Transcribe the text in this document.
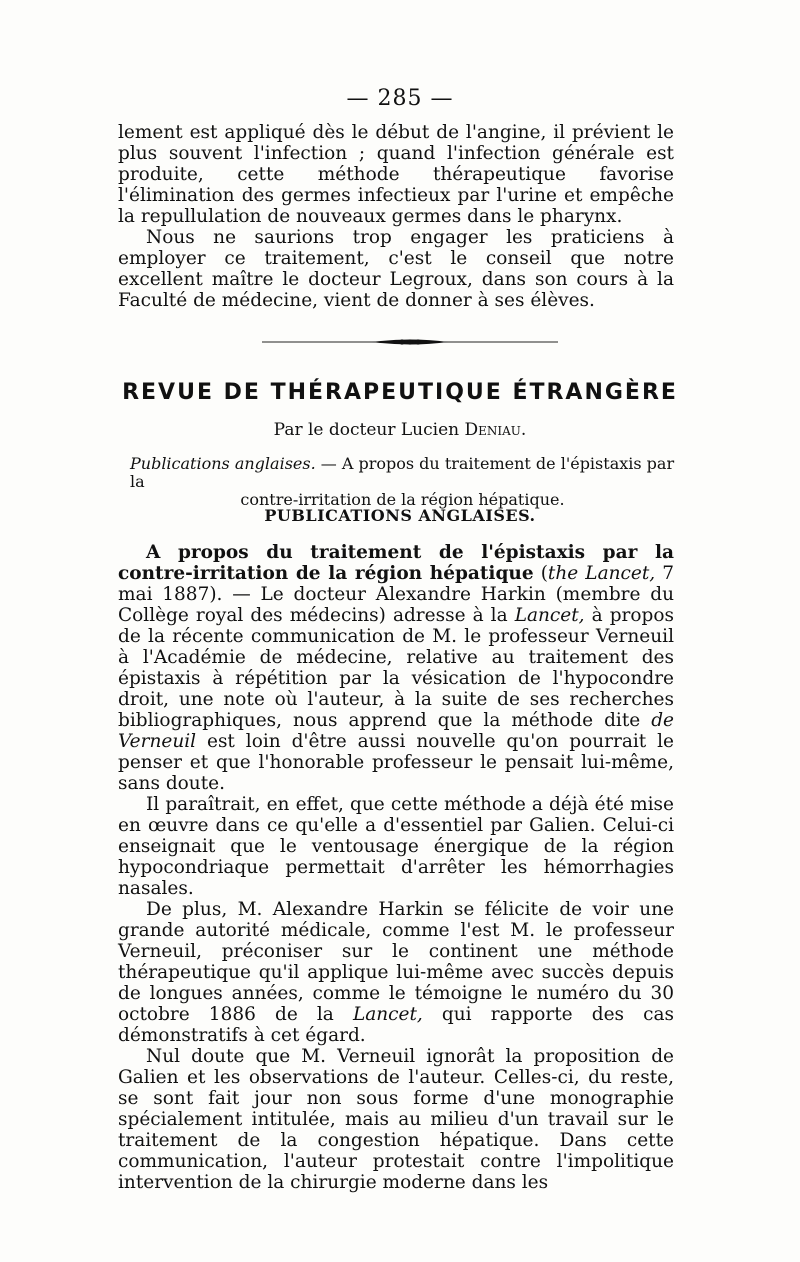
— 285 —

lement est appliqué dès le début de l'angine, il prévient le plus souvent l'infection ; quand l'infection générale est produite, cette méthode thérapeutique favorise l'élimination des germes infectieux par l'urine et empêche la repullulation de nouveaux germes dans le pharynx.

Nous ne saurions trop engager les praticiens à employer ce traitement, c'est le conseil que notre excellent maître le docteur Legroux, dans son cours à la Faculté de médecine, vient de donner à ses élèves.

REVUE DE THÉRAPEUTIQUE ÉTRANGÈRE
Par le docteur Lucien Deniau.
Publications anglaises. — A propos du traitement de l'épistaxis par la
contre-irritation de la région hépatique.
PUBLICATIONS ANGLAISES.

A propos du traitement de l'épistaxis par la contre-irritation de la région hépatique (the Lancet, 7 mai 1887). — Le docteur Alexandre Harkin (membre du Collège royal des médecins) adresse à la Lancet, à propos de la récente communication de M. le professeur Verneuil à l'Académie de médecine, relative au traitement des épistaxis à répétition par la vésication de l'hypocondre droit, une note où l'auteur, à la suite de ses recherches bibliographiques, nous apprend que la méthode dite de Verneuil est loin d'être aussi nouvelle qu'on pourrait le penser et que l'honorable professeur le pensait lui-même, sans doute.

Il paraîtrait, en effet, que cette méthode a déjà été mise en œuvre dans ce qu'elle a d'essentiel par Galien. Celui-ci enseignait que le ventousage énergique de la région hypocondriaque permettait d'arrêter les hémorrhagies nasales.

De plus, M. Alexandre Harkin se félicite de voir une grande autorité médicale, comme l'est M. le professeur Verneuil, préconiser sur le continent une méthode thérapeutique qu'il applique lui-même avec succès depuis de longues années, comme le témoigne le numéro du 30 octobre 1886 de la Lancet, qui rapporte des cas démonstratifs à cet égard.

Nul doute que M. Verneuil ignorât la proposition de Galien et les observations de l'auteur. Celles-ci, du reste, se sont fait jour non sous forme d'une monographie spécialement intitulée, mais au milieu d'un travail sur le traitement de la congestion hépatique. Dans cette communication, l'auteur protestait contre l'impolitique intervention de la chirurgie moderne dans les
